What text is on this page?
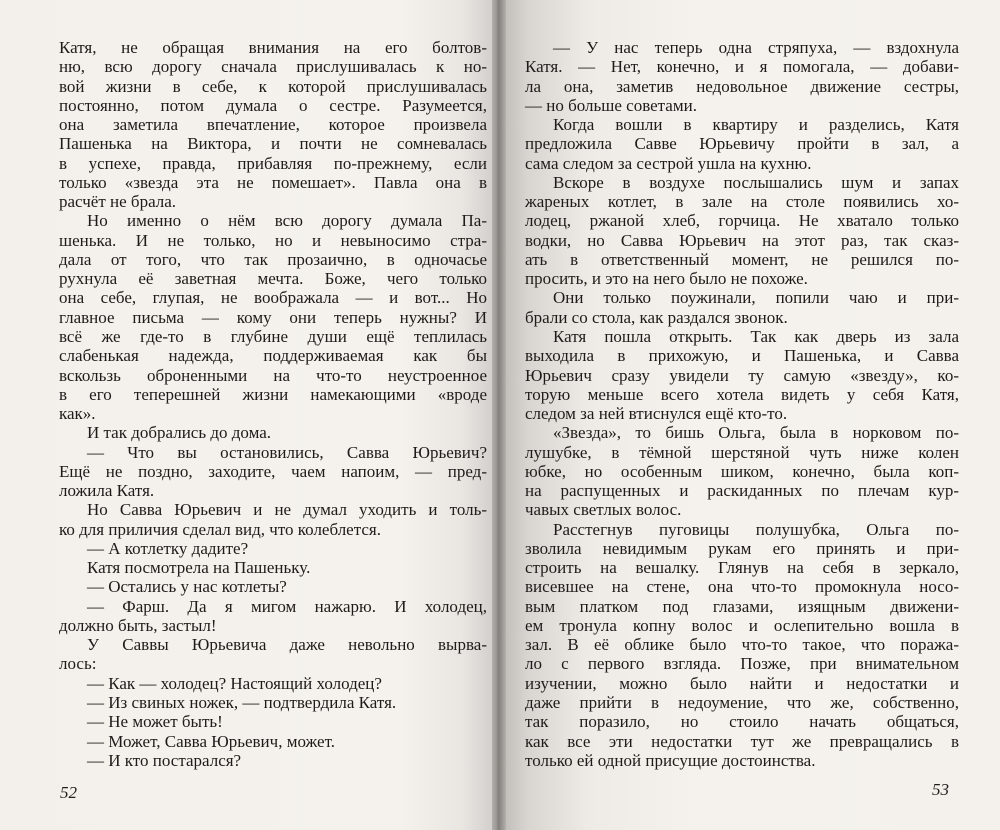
Катя, не обращая внимания на его болтов-
ню, всю дорогу сначала прислушивалась к но-
вой жизни в себе, к которой прислушивалась
постоянно, потом думала о сестре. Разумеется,
она заметила впечатление, которое произвела
Пашенька на Виктора, и почти не сомневалась
в успехе, правда, прибавляя по-прежнему, если
только «звезда эта не помешает». Павла она в
расчёт не брала.
Но именно о нём всю дорогу думала Па-
шенька. И не только, но и невыносимо стра-
дала от того, что так прозаично, в одночасье
рухнула её заветная мечта. Боже, чего только
она себе, глупая, не воображала — и вот... Но
главное письма — кому они теперь нужны? И
всё же где-то в глубине души ещё теплилась
слабенькая надежда, поддерживаемая как бы
вскользь оброненными на что-то неустроенное
в его теперешней жизни намекающими «вроде
как».
И так добрались до дома.
— Что вы остановились, Савва Юрьевич?
Ещё не поздно, заходите, чаем напоим, — пред-
ложила Катя.
Но Савва Юрьевич и не думал уходить и толь-
ко для приличия сделал вид, что колеблется.
— А котлетку дадите?
Катя посмотрела на Пашеньку.
— Остались у нас котлеты?
— Фарш. Да я мигом нажарю. И холодец,
должно быть, застыл!
У Саввы Юрьевича даже невольно вырва-
лось:
— Как — холодец? Настоящий холодец?
— Из свиных ножек, — подтвердила Катя.
— Не может быть!
— Может, Савва Юрьевич, может.
— И кто постарался?
52
— У нас теперь одна стряпуха, — вздохнула
Катя. — Нет, конечно, и я помогала, — добави-
ла она, заметив недовольное движение сестры,
— но больше советами.
Когда вошли в квартиру и разделись, Катя
предложила Савве Юрьевичу пройти в зал, а
сама следом за сестрой ушла на кухню.
Вскоре в воздухе послышались шум и запах
жареных котлет, в зале на столе появились хо-
лодец, ржаной хлеб, горчица. Не хватало только
водки, но Савва Юрьевич на этот раз, так сказ-
ать в ответственный момент, не решился по-
просить, и это на него было не похоже.
Они только поужинали, попили чаю и при-
брали со стола, как раздался звонок.
Катя пошла открыть. Так как дверь из зала
выходила в прихожую, и Пашенька, и Савва
Юрьевич сразу увидели ту самую «звезду», ко-
торую меньше всего хотела видеть у себя Катя,
следом за ней втиснулся ещё кто-то.
«Звезда», то бишь Ольга, была в норковом по-
лушубке, в тёмной шерстяной чуть ниже колен
юбке, но особенным шиком, конечно, была коп-
на распущенных и раскиданных по плечам кур-
чавых светлых волос.
Расстегнув пуговицы полушубка, Ольга по-
зволила невидимым рукам его принять и при-
строить на вешалку. Глянув на себя в зеркало,
висевшее на стене, она что-то промокнула носо-
вым платком под глазами, изящным движени-
ем тронула копну волос и ослепительно вошла в
зал. В её облике было что-то такое, что поража-
ло с первого взгляда. Позже, при внимательном
изучении, можно было найти и недостатки и
даже прийти в недоумение, что же, собственно,
так поразило, но стоило начать общаться,
как все эти недостатки тут же превращались в
только ей одной присущие достоинства.
53
